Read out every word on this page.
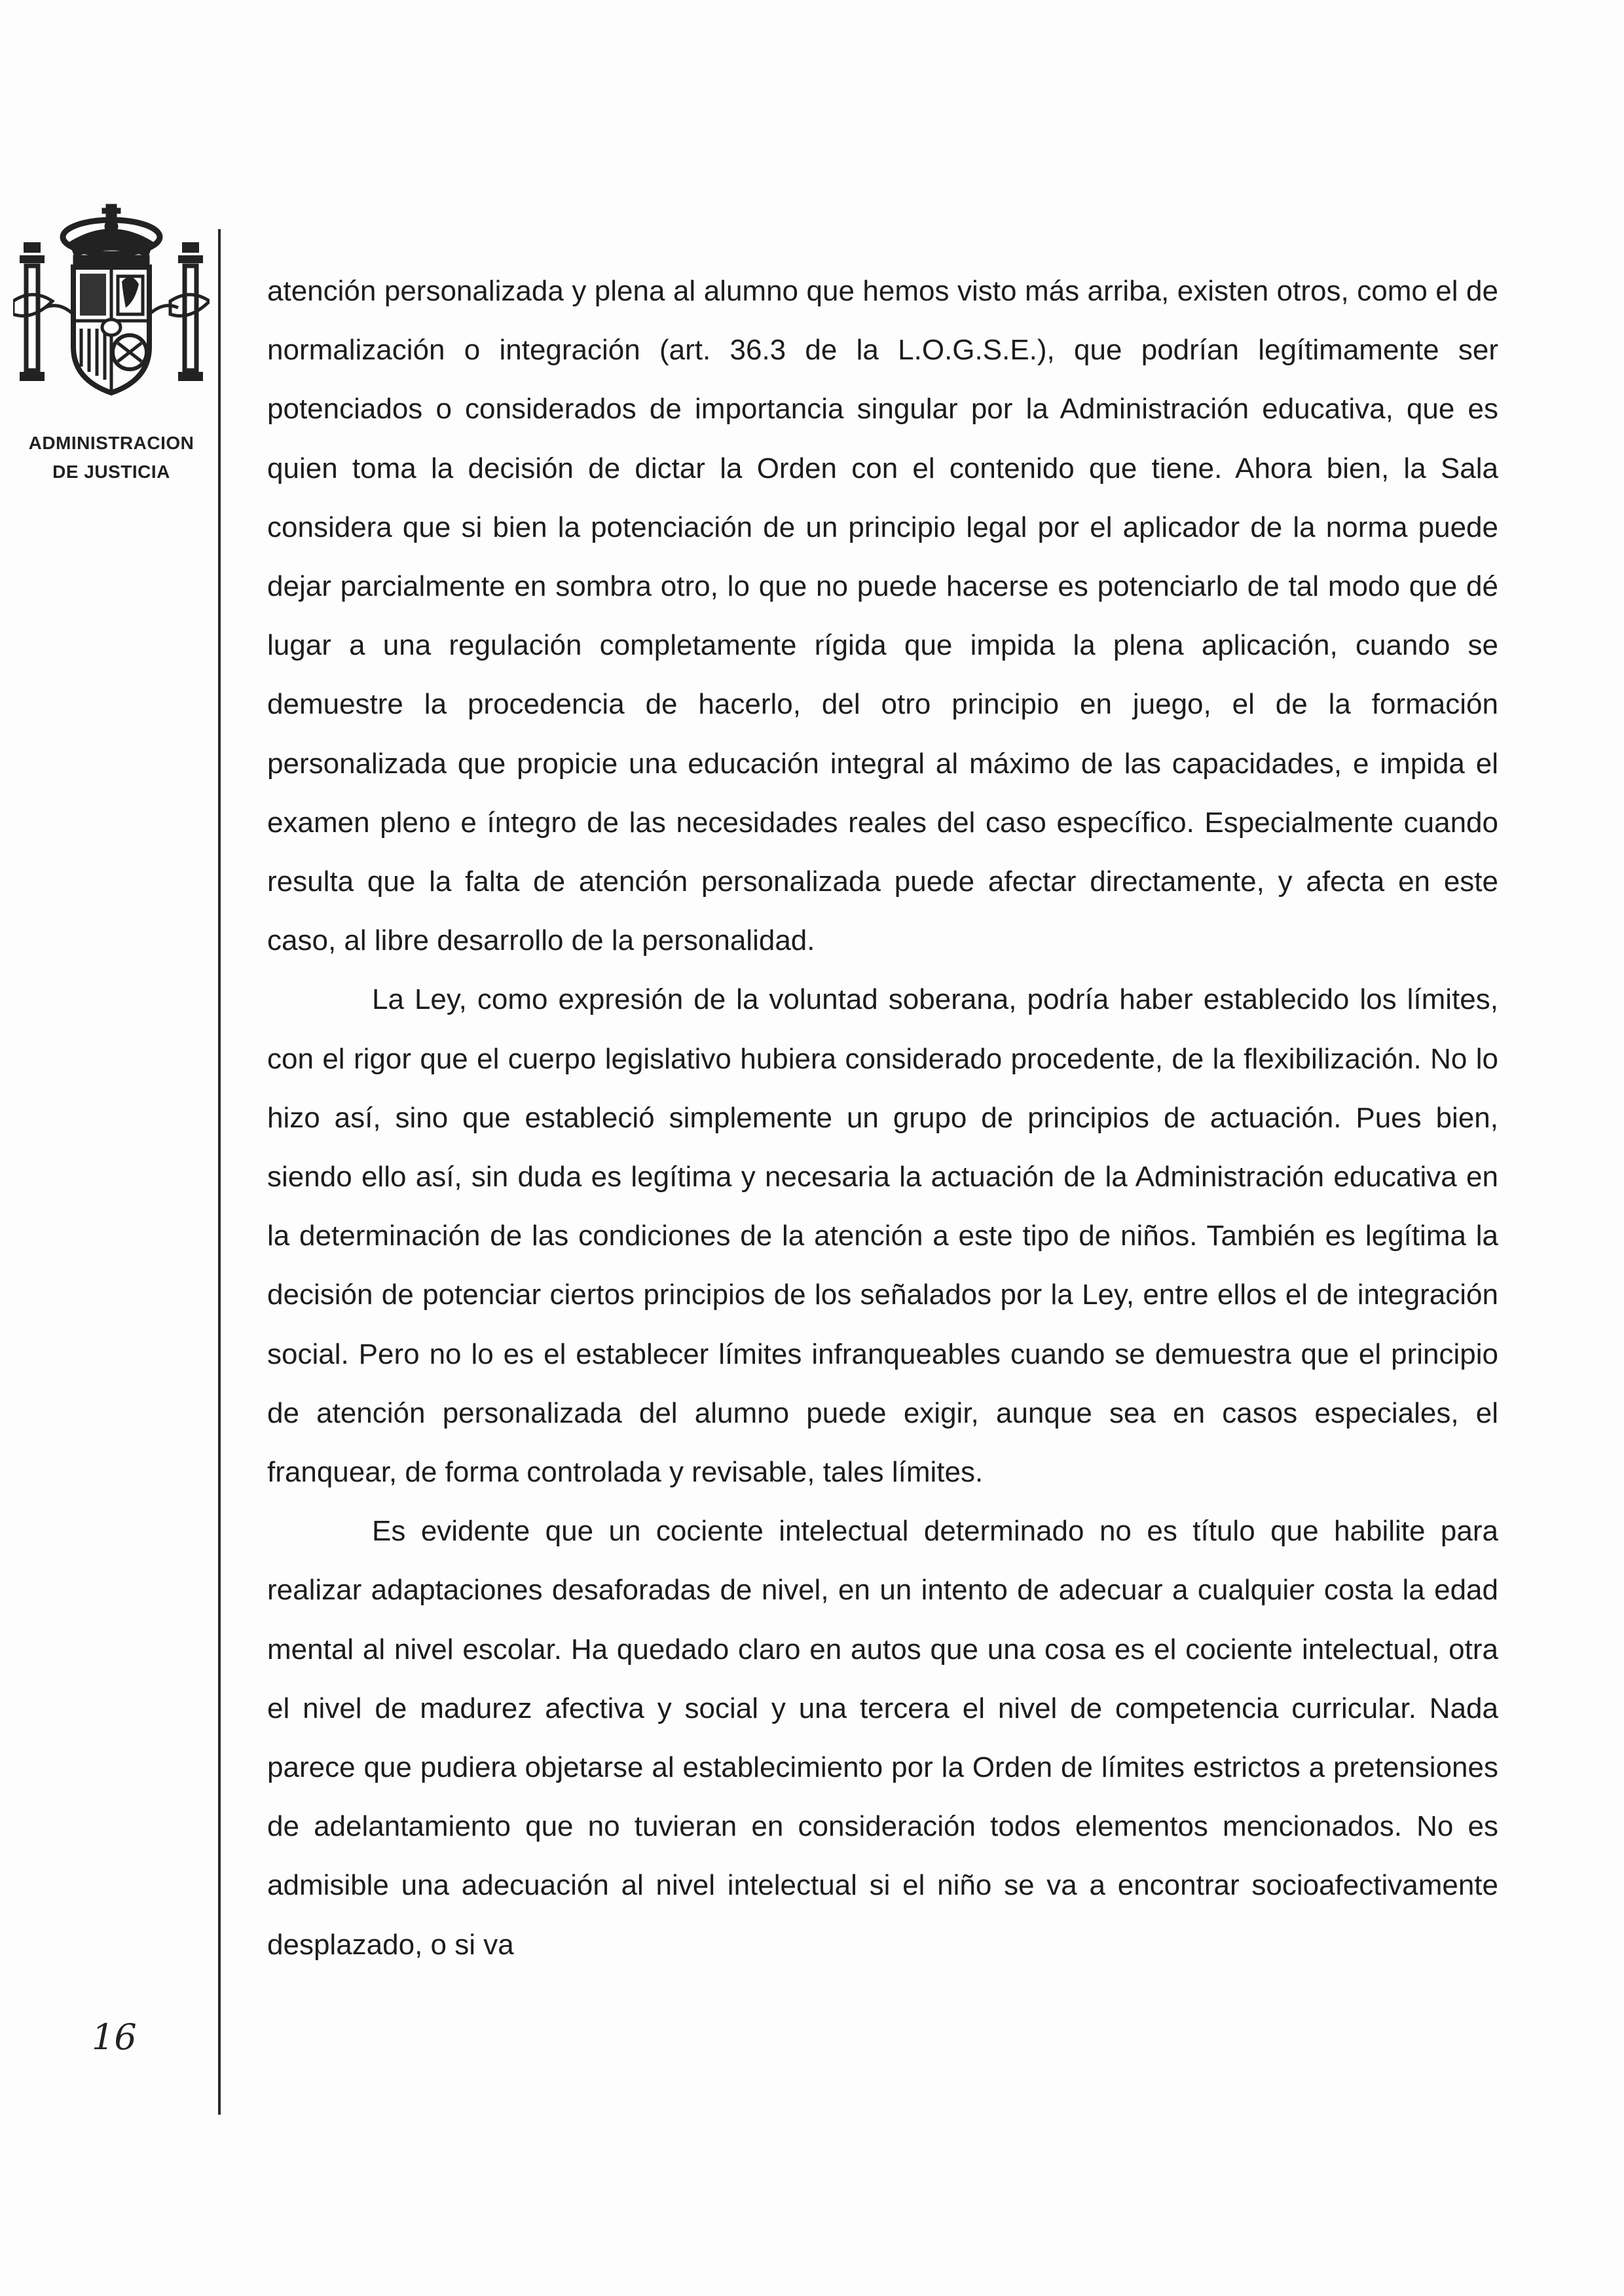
ADMINISTRACION
DE JUSTICIA
16

atención personalizada y plena al alumno que hemos visto más arriba, existen otros, como el de normalización o integración (art. 36.3 de la L.O.G.S.E.), que podrían legítimamente ser potenciados o considerados de importancia singular por la Administración educativa, que es quien toma la decisión de dictar la Orden con el contenido que tiene. Ahora bien, la Sala considera que si bien la potenciación de un principio legal por el aplicador de la norma puede dejar parcialmente en sombra otro, lo que no puede hacerse es potenciarlo de tal modo que dé lugar a una regulación completamente rígida que impida la plena aplicación, cuando se demuestre la procedencia de hacerlo, del otro principio en juego, el de la formación personalizada que propicie una educación integral al máximo de las capacidades, e impida el examen pleno e íntegro de las necesidades reales del caso específico. Especialmente cuando resulta que la falta de atención personalizada puede afectar directamente, y afecta en este caso, al libre desarrollo de la personalidad.

La Ley, como expresión de la voluntad soberana, podría haber establecido los límites, con el rigor que el cuerpo legislativo hubiera considerado procedente, de la flexibilización. No lo hizo así, sino que estableció simplemente un grupo de principios de actuación. Pues bien, siendo ello así, sin duda es legítima y necesaria la actuación de la Administración educativa en la determinación de las condiciones de la atención a este tipo de niños. También es legítima la decisión de potenciar ciertos principios de los señalados por la Ley, entre ellos el de integración social. Pero no lo es el establecer límites infranqueables cuando se demuestra que el principio de atención personalizada del alumno puede exigir, aunque sea en casos especiales, el franquear, de forma controlada y revisable, tales límites.

Es evidente que un cociente intelectual determinado no es título que habilite para realizar adaptaciones desaforadas de nivel, en un intento de adecuar a cualquier costa la edad mental al nivel escolar. Ha quedado claro en autos que una cosa es el cociente intelectual, otra el nivel de madurez afectiva y social y una tercera el nivel de competencia curricular. Nada parece que pudiera objetarse al establecimiento por la Orden de límites estrictos a pretensiones de adelantamiento que no tuvieran en consideración todos elementos mencionados. No es admisible una adecuación al nivel intelectual si el niño se va a encontrar socioafectivamente desplazado, o si va
